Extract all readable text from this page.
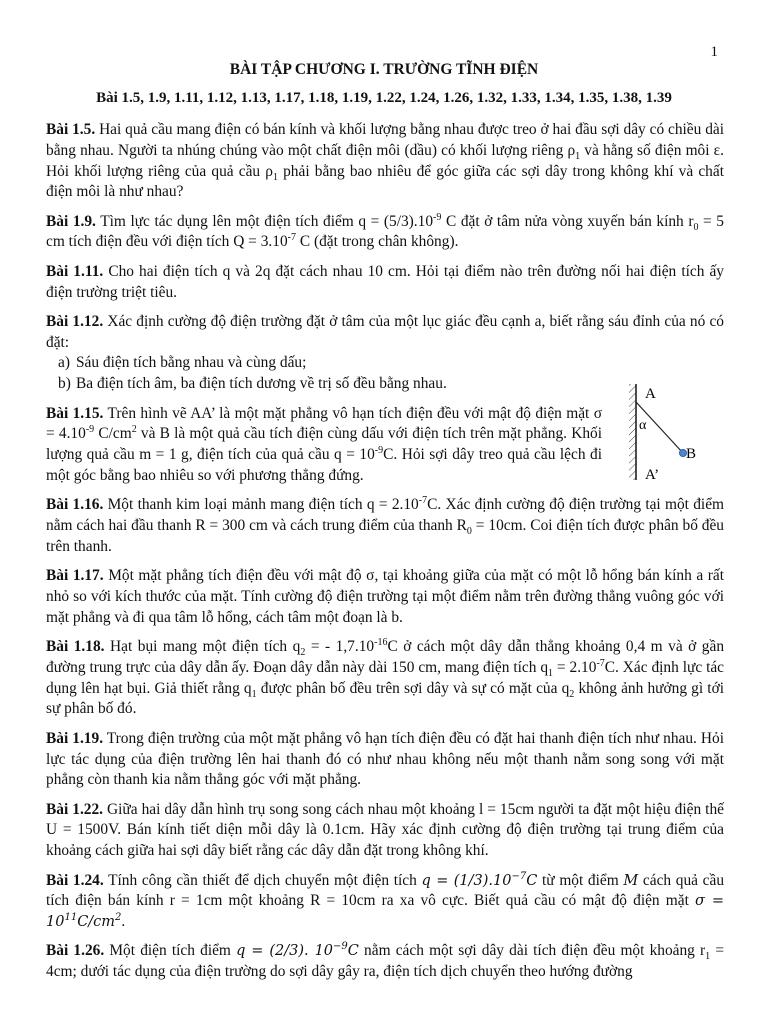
1
BÀI TẬP CHƯƠNG I. TRƯỜNG TĨNH ĐIỆN
Bài 1.5, 1.9, 1.11, 1.12, 1.13, 1.17, 1.18, 1.19, 1.22, 1.24, 1.26, 1.32, 1.33, 1.34, 1.35, 1.38, 1.39

Bài 1.5. Hai quả cầu mang điện có bán kính và khối lượng bằng nhau được treo ở hai đầu sợi dây có chiều dài bằng nhau. Người ta nhúng chúng vào một chất điện môi (dầu) có khối lượng riêng $\rho_1$ và hằng số điện môi ε. Hỏi khối lượng riêng của quả cầu $\rho_1$ phải bằng bao nhiêu để góc giữa các sợi dây trong không khí và chất điện môi là như nhau?

Bài 1.9. Tìm lực tác dụng lên một điện tích điểm $q = (5/3).10^{-9}$ C đặt ở tâm nửa vòng xuyến bán kính $r_0 = 5$ cm tích điện đều với điện tích $Q = 3.10^{-7}$ C (đặt trong chân không).

Bài 1.11. Cho hai điện tích q và 2q đặt cách nhau 10 cm. Hỏi tại điểm nào trên đường nối hai điện tích ấy điện trường triệt tiêu.

Bài 1.12. Xác định cường độ điện trường đặt ở tâm của một lục giác đều cạnh a, biết rằng sáu đỉnh của nó có đặt:
a) Sáu điện tích bằng nhau và cùng dấu;
b) Ba điện tích âm, ba điện tích dương về trị số đều bằng nhau.

Bài 1.15. Trên hình vẽ AA’ là một mặt phẳng vô hạn tích điện đều với mật độ điện mặt $\sigma = 4.10^{-9}$ $C/cm^2$ và B là một quả cầu tích điện cùng dấu với điện tích trên mặt phẳng. Khối lượng quả cầu m = 1 g, điện tích của quả cầu $q = 10^{-9}C$. Hỏi sợi dây treo quả cầu lệch đi một góc bằng bao nhiêu so với phương thẳng đứng.

Bài 1.16. Một thanh kim loại mảnh mang điện tích $q = 2.10^{-7}C$. Xác định cường độ điện trường tại một điểm nằm cách hai đầu thanh R = 300 cm và cách trung điểm của thanh $R_0 = 10cm$. Coi điện tích được phân bố đều trên thanh.

Bài 1.17. Một mặt phẳng tích điện đều với mật độ σ, tại khoảng giữa của mặt có một lỗ hổng bán kính a rất nhỏ so với kích thước của mặt. Tính cường độ điện trường tại một điểm nằm trên đường thẳng vuông góc với mặt phẳng và đi qua tâm lỗ hổng, cách tâm một đoạn là b.

Bài 1.18. Hạt bụi mang một điện tích $q_2$ = - $1,7.10^{-16}C$ ở cách một dây dẫn thẳng khoảng 0,4 m và ở gần đường trung trực của dây dẫn ấy. Đoạn dây dẫn này dài 150 cm, mang điện tích $q_1 = 2.10^{-7}C$. Xác định lực tác dụng lên hạt bụi. Giả thiết rằng $q_1$ được phân bố đều trên sợi dây và sự có mặt của $q_2$ không ảnh hưởng gì tới sự phân bố đó.

Bài 1.19. Trong điện trường của một mặt phẳng vô hạn tích điện đều có đặt hai thanh điện tích như nhau. Hỏi lực tác dụng của điện trường lên hai thanh đó có như nhau không nếu một thanh nằm song song với mặt phẳng còn thanh kia nằm thẳng góc với mặt phẳng.

Bài 1.22. Giữa hai dây dẫn hình trụ song song cách nhau một khoảng l = 15cm người ta đặt một hiệu điện thế U = 1500V. Bán kính tiết diện mỗi dây là 0.1cm. Hãy xác định cường độ điện trường tại trung điểm của khoảng cách giữa hai sợi dây biết rằng các dây dẫn đặt trong không khí.

Bài 1.24. Tính công cần thiết để dịch chuyển một điện tích $q = (1/3).10^{-7}C$ từ một điểm M cách quả cầu tích điện bán kính r = 1cm một khoảng R = 10cm ra xa vô cực. Biết quả cầu có mật độ điện mặt $\sigma = 10^{11}C/cm^2$.

Bài 1.26. Một điện tích điểm q = (2/3). $10^{-9}C$ nằm cách một sợi dây dài tích điện đều một khoảng $r_1 = 4cm$; dưới tác dụng của điện trường do sợi dây gây ra, điện tích dịch chuyển theo hướng đường

A
α
B
A’
